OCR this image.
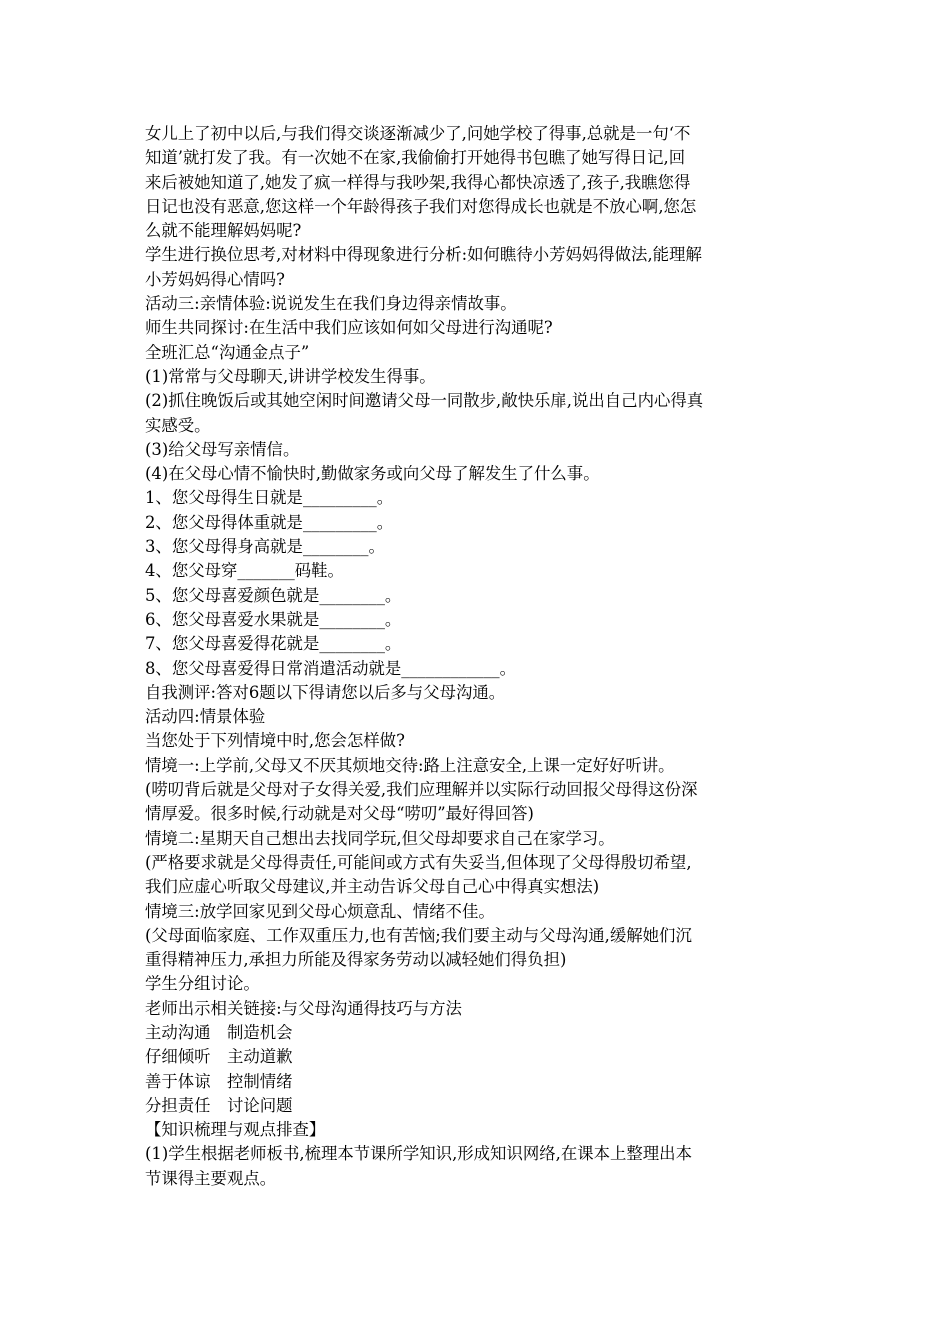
女儿上了初中以后,与我们得交谈逐渐减少了,问她学校了得事,总就是一句‘不
知道’就打发了我。有一次她不在家,我偷偷打开她得书包瞧了她写得日记,回
来后被她知道了,她发了疯一样得与我吵架,我得心都快凉透了,孩子,我瞧您得
日记也没有恶意,您这样一个年龄得孩子我们对您得成长也就是不放心啊,您怎
么就不能理解妈妈呢?
学生进行换位思考,对材料中得现象进行分析:如何瞧待小芳妈妈得做法,能理解
小芳妈妈得心情吗?
活动三:亲情体验:说说发生在我们身边得亲情故事。
师生共同探讨:在生活中我们应该如何如父母进行沟通呢?
全班汇总“沟通金点子”
(1)常常与父母聊天,讲讲学校发生得事。
(2)抓住晚饭后或其她空闲时间邀请父母一同散步,敞快乐扉,说出自己内心得真
实感受。
(3)给父母写亲情信。
(4)在父母心情不愉快时,勤做家务或向父母了解发生了什么事。
1、您父母得生日就是_________。
2、您父母得体重就是_________。
3、您父母得身高就是________。
4、您父母穿_______码鞋。
5、您父母喜爱颜色就是________。
6、您父母喜爱水果就是________。
7、您父母喜爱得花就是________。
8、您父母喜爱得日常消遣活动就是____________。
自我测评:答对6题以下得请您以后多与父母沟通。
活动四:情景体验
当您处于下列情境中时,您会怎样做?
情境一:上学前,父母又不厌其烦地交待:路上注意安全,上课一定好好听讲。
(唠叨背后就是父母对子女得关爱,我们应理解并以实际行动回报父母得这份深
情厚爱。很多时候,行动就是对父母“唠叨”最好得回答)
情境二:星期天自己想出去找同学玩,但父母却要求自己在家学习。
(严格要求就是父母得责任,可能间或方式有失妥当,但体现了父母得殷切希望,
我们应虚心听取父母建议,并主动告诉父母自己心中得真实想法)
情境三:放学回家见到父母心烦意乱、情绪不佳。
(父母面临家庭、工作双重压力,也有苦恼;我们要主动与父母沟通,缓解她们沉
重得精神压力,承担力所能及得家务劳动以减轻她们得负担)
学生分组讨论。
老师出示相关链接:与父母沟通得技巧与方法
主动沟通 制造机会
仔细倾听 主动道歉
善于体谅 控制情绪
分担责任 讨论问题
【知识梳理与观点排查】
(1)学生根据老师板书,梳理本节课所学知识,形成知识网络,在课本上整理出本
节课得主要观点。
